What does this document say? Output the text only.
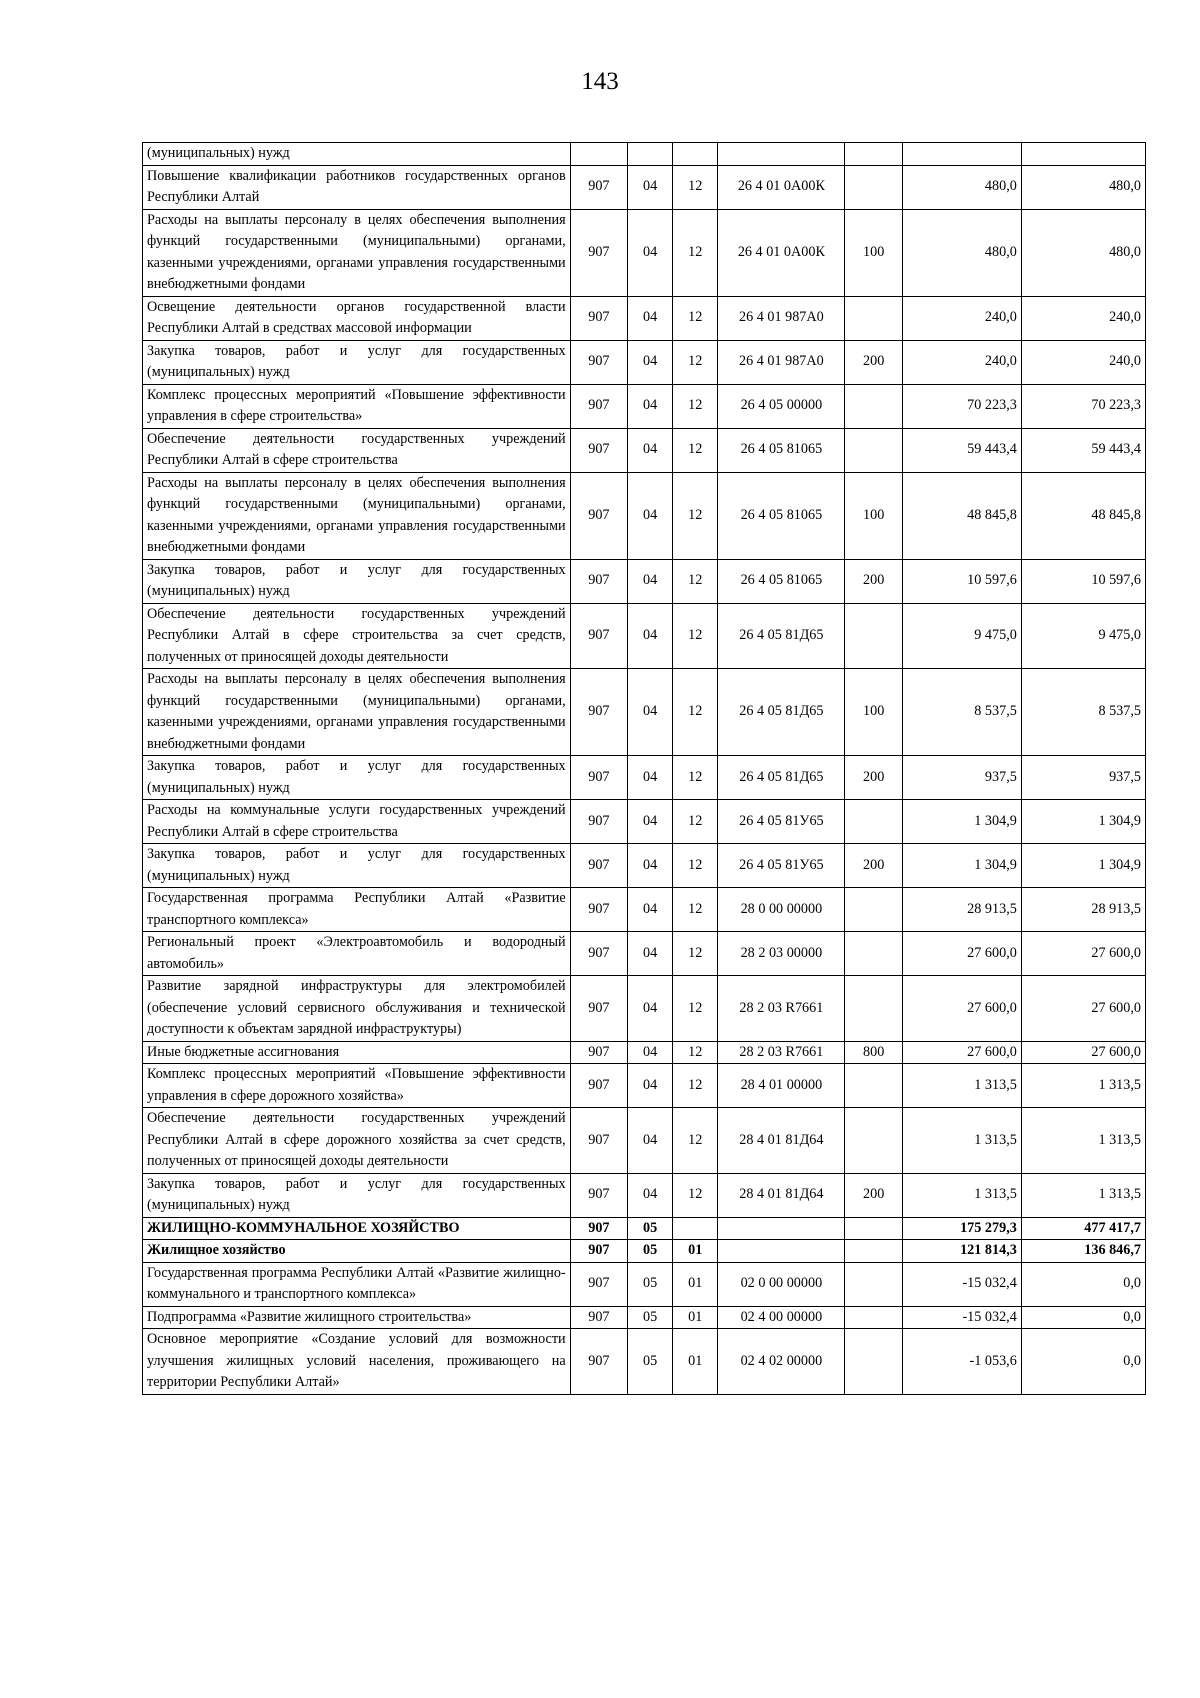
143
(муниципальных) нужд							
Повышение квалификации работников государственных органов Республики Алтай	907	04	12	26 4 01 0А00К		480,0	480,0
Расходы на выплаты персоналу в целях обеспечения выполнения функций государственными (муниципальными) органами, казенными учреждениями, органами управления государственными внебюджетными фондами	907	04	12	26 4 01 0А00К	100	480,0	480,0
Освещение деятельности органов государственной власти Республики Алтай в средствах массовой информации	907	04	12	26 4 01 987А0		240,0	240,0
Закупка товаров, работ и услуг для государственных (муниципальных) нужд	907	04	12	26 4 01 987А0	200	240,0	240,0
Комплекс процессных мероприятий «Повышение эффективности управления в сфере строительства»	907	04	12	26 4 05 00000		70 223,3	70 223,3
Обеспечение деятельности государственных учреждений Республики Алтай в сфере строительства	907	04	12	26 4 05 81065		59 443,4	59 443,4
Расходы на выплаты персоналу в целях обеспечения выполнения функций государственными (муниципальными) органами, казенными учреждениями, органами управления государственными внебюджетными фондами	907	04	12	26 4 05 81065	100	48 845,8	48 845,8
Закупка товаров, работ и услуг для государственных (муниципальных) нужд	907	04	12	26 4 05 81065	200	10 597,6	10 597,6
Обеспечение деятельности государственных учреждений Республики Алтай в сфере строительства за счет средств, полученных от приносящей доходы деятельности	907	04	12	26 4 05 81Д65		9 475,0	9 475,0
Расходы на выплаты персоналу в целях обеспечения выполнения функций государственными (муниципальными) органами, казенными учреждениями, органами управления государственными внебюджетными фондами	907	04	12	26 4 05 81Д65	100	8 537,5	8 537,5
Закупка товаров, работ и услуг для государственных (муниципальных) нужд	907	04	12	26 4 05 81Д65	200	937,5	937,5
Расходы на коммунальные услуги государственных учреждений Республики Алтай в сфере строительства	907	04	12	26 4 05 81У65		1 304,9	1 304,9
Закупка товаров, работ и услуг для государственных (муниципальных) нужд	907	04	12	26 4 05 81У65	200	1 304,9	1 304,9
Государственная программа Республики Алтай «Развитие транспортного комплекса»	907	04	12	28 0 00 00000		28 913,5	28 913,5
Региональный проект «Электроавтомобиль и водородный автомобиль»	907	04	12	28 2 03 00000		27 600,0	27 600,0
Развитие зарядной инфраструктуры для электромобилей (обеспечение условий сервисного обслуживания и технической доступности к объектам зарядной инфраструктуры)	907	04	12	28 2 03 R7661		27 600,0	27 600,0
Иные бюджетные ассигнования	907	04	12	28 2 03 R7661	800	27 600,0	27 600,0
Комплекс процессных мероприятий «Повышение эффективности управления в сфере дорожного хозяйства»	907	04	12	28 4 01 00000		1 313,5	1 313,5
Обеспечение деятельности государственных учреждений Республики Алтай в сфере дорожного хозяйства за счет средств, полученных от приносящей доходы деятельности	907	04	12	28 4 01 81Д64		1 313,5	1 313,5
Закупка товаров, работ и услуг для государственных (муниципальных) нужд	907	04	12	28 4 01 81Д64	200	1 313,5	1 313,5
ЖИЛИЩНО-КОММУНАЛЬНОЕ ХОЗЯЙСТВО	907	05				175 279,3	477 417,7
Жилищное хозяйство	907	05	01			121 814,3	136 846,7
Государственная программа Республики Алтай «Развитие жилищно-коммунального и транспортного комплекса»	907	05	01	02 0 00 00000		-15 032,4	0,0
Подпрограмма «Развитие жилищного строительства»	907	05	01	02 4 00 00000		-15 032,4	0,0
Основное мероприятие «Создание условий для возможности улучшения жилищных условий населения, проживающего на территории Республики Алтай»	907	05	01	02 4 02 00000		-1 053,6	0,0
